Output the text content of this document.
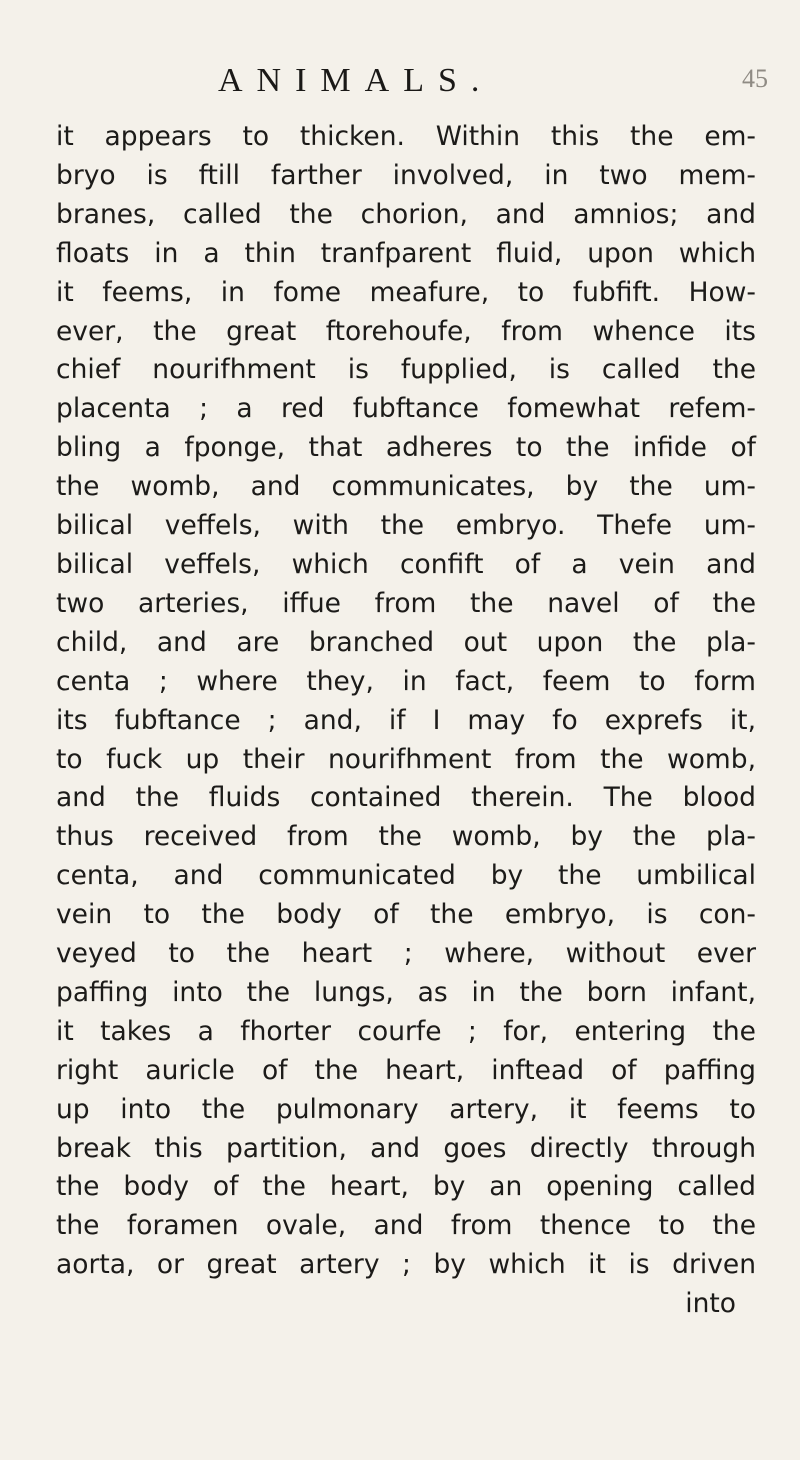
ANIMALS.	45
it appears to thicken. Within this the em-
bryo is ftill farther involved, in two mem-
branes, called the chorion, and amnios; and
floats in a thin tranfparent fluid, upon which
it feems, in fome meafure, to fubfift. How-
ever, the great ftorehoufe, from whence its
chief nourifhment is fupplied, is called the
placenta ; a red fubftance fomewhat refem-
bling a fponge, that adheres to the infide of
the womb, and communicates, by the um-
bilical veffels, with the embryo. Thefe um-
bilical veffels, which confift of a vein and
two arteries, iffue from the navel of the
child, and are branched out upon the pla-
centa ; where they, in fact, feem to form
its fubftance ; and, if I may fo exprefs it,
to fuck up their nourifhment from the womb,
and the fluids contained therein. The blood
thus received from the womb, by the pla-
centa, and communicated by the umbilical
vein to the body of the embryo, is con-
veyed to the heart ; where, without ever
paffing into the lungs, as in the born infant,
it takes a fhorter courfe ; for, entering the
right auricle of the heart, inftead of paffing
up into the pulmonary artery, it feems to
break this partition, and goes directly through
the body of the heart, by an opening called
the foramen ovale, and from thence to the
aorta, or great artery ; by which it is driven
into
